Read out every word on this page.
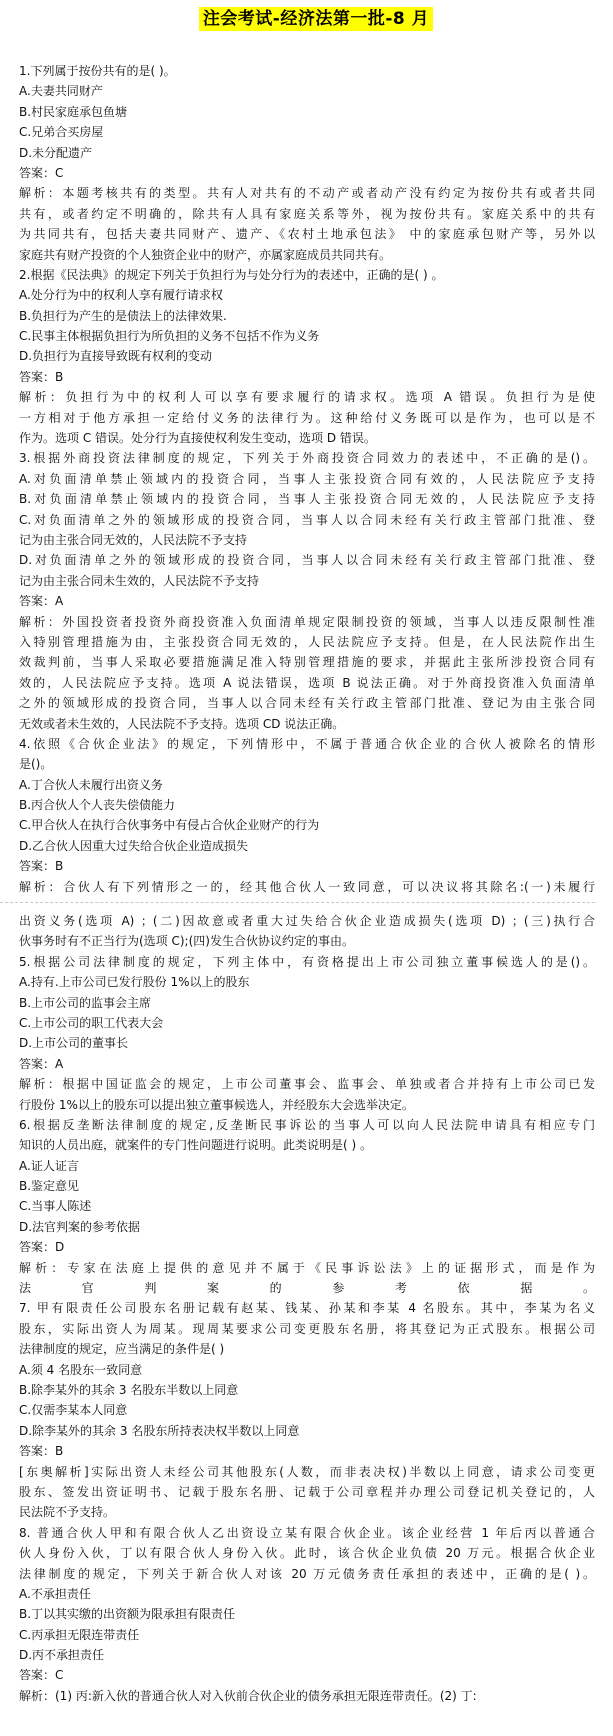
注会考试-经济法第一批-8 月
1.下列属于按份共有的是( )。
A.夫妻共同财产
B.村民家庭承包鱼塘
C.兄弟合买房屋
D.未分配遗产
答案：C
解析：本题考核共有的类型。共有人对共有的不动产或者动产没有约定为按份共有或者共同
共有，或者约定不明确的，除共有人具有家庭关系等外，视为按份共有。家庭关系中的共有
为共同共有，包括夫妻共同财产、遗产、《农村土地承包法》 中的家庭承包财产等，另外以
家庭共有财产投资的个人独资企业中的财产，亦属家庭成员共同共有。
2.根据《民法典》的规定下列关于负担行为与处分行为的表述中，正确的是( ) 。
A.处分行为中的权利人享有履行请求权
B.负担行为产生的是债法上的法律效果.
C.民事主体根据负担行为所负担的义务不包括不作为义务
D.负担行为直接导致既有权利的变动
答案：B
解析：负担行为中的权利人可以享有要求履行的请求权。选项 A 错误。负担行为是使
一方相对于他方承担一定给付义务的法律行为。这种给付义务既可以是作为，也可以是不
作为。选项 C 错误。处分行为直接使权利发生变动，选项 D 错误。
3.根据外商投资法律制度的规定，下列关于外商投资合同效力的表述中，不正确的是()。
A.对负面清单禁止领域内的投资合同，当事人主张投资合同有效的，人民法院应予支持
B.对负面清单禁止领域内的投资合同，当事人主张投资合同无效的，人民法院应予支持
C.对负面清单之外的领域形成的投资合同，当事人以合同未经有关行政主管部门批准、登
记为由主张合同无效的，人民法院不予支持
D.对负面清单之外的领域形成的投资合同，当事人以合同未经有关行政主管部门批准、登
记为由主张合同未生效的，人民法院不予支持
答案：A
解析：外国投资者投资外商投资准入负面清单规定限制投资的领域，当事人以违反限制性准
入特别管理措施为由，主张投资合同无效的，人民法院应予支持。但是，在人民法院作出生
效裁判前，当事人采取必要措施满足准入特别管理措施的要求，并据此主张所涉投资合同有
效的，人民法院应予支持。选项 A 说法错误，选项 B 说法正确。对于外商投资准入负面清单
之外的领域形成的投资合同，当事人以合同未经有关行政主管部门批准、登记为由主张合同
无效或者未生效的，人民法院不予支持。选项 CD 说法正确。
4.依照《合伙企业法》的规定，下列情形中，不属于普通合伙企业的合伙人被除名的情形
是()。
A.丁合伙人未履行出资义务
B.丙合伙人个人丧失偿债能力
C.甲合伙人在执行合伙事务中有侵占合伙企业财产的行为
D.乙合伙人因重大过失给合伙企业造成损失
答案：B
解析：合伙人有下列情形之一的，经其他合伙人一致同意，可以决议将其除名:(一)未履行
出资义务(选项 A) ；(二)因故意或者重大过失给合伙企业造成损失(选项 D) ；(三)执行合
伙事务时有不正当行为(选项 C);(四)发生合伙协议约定的事由。
5.根据公司法律制度的规定，下列主体中，有资格提出上市公司独立董事候选人的是()。
A.持有.上市公司已发行股份 1%以上的股东
B.上市公司的监事会主席
C.上市公司的职工代表大会
D.上市公司的董事长
答案：A
解析：根据中国证监会的规定，上市公司董事会、监事会、单独或者合并持有上市公司已发
行股份 1%以上的股东可以提出独立董事候选人，并经股东大会选举决定。
6.根据反垄断法律制度的规定,反垄断民事诉讼的当事人可以向人民法院申请具有相应专门
知识的人员出庭，就案件的专门性问题进行说明。此类说明是( ) 。
A.证人证言
B.鉴定意见
C.当事人陈述
D.法官判案的参考依据
答案：D
解析：专家在法庭上提供的意见并不属于《民事诉讼法》上的证据形式，而是作为
法官判案的参考依据。
7. 甲有限责任公司股东名册记载有赵某、钱某、孙某和李某 4 名股东。其中，李某为名义
股东，实际出资人为周某。现周某要求公司变更股东名册，将其登记为正式股东。根据公司
法律制度的规定，应当满足的条件是( )
A.须 4 名股东一致同意
B.除李某外的其余 3 名股东半数以上同意
C.仅需李某本人同意
D.除李某外的其余 3 名股东所持表决权半数以上同意
答案：B
[东奥解析]实际出资人未经公司其他股东(人数，而非表决权)半数以上同意，请求公司变更
股东、签发出资证明书、记载于股东名册、记载于公司章程并办理公司登记机关登记的，人
民法院不予支持。
8. 普通合伙人甲和有限合伙人乙出资设立某有限合伙企业。该企业经营 1 年后丙以普通合
伙人身份入伙，丁以有限合伙人身份入伙。此时，该合伙企业负债 20 万元。根据合伙企业
法律制度的规定，下列关于新合伙人对该 20 万元债务责任承担的表述中，正确的是( )。
A.不承担责任
B.丁以其实缴的出资额为限承担有限责任
C.丙承担无限连带责任
D.丙不承担责任
答案：C
解析：(1) 丙:新入伙的普通合伙人对入伙前合伙企业的债务承担无限连带责任。(2) 丁:
